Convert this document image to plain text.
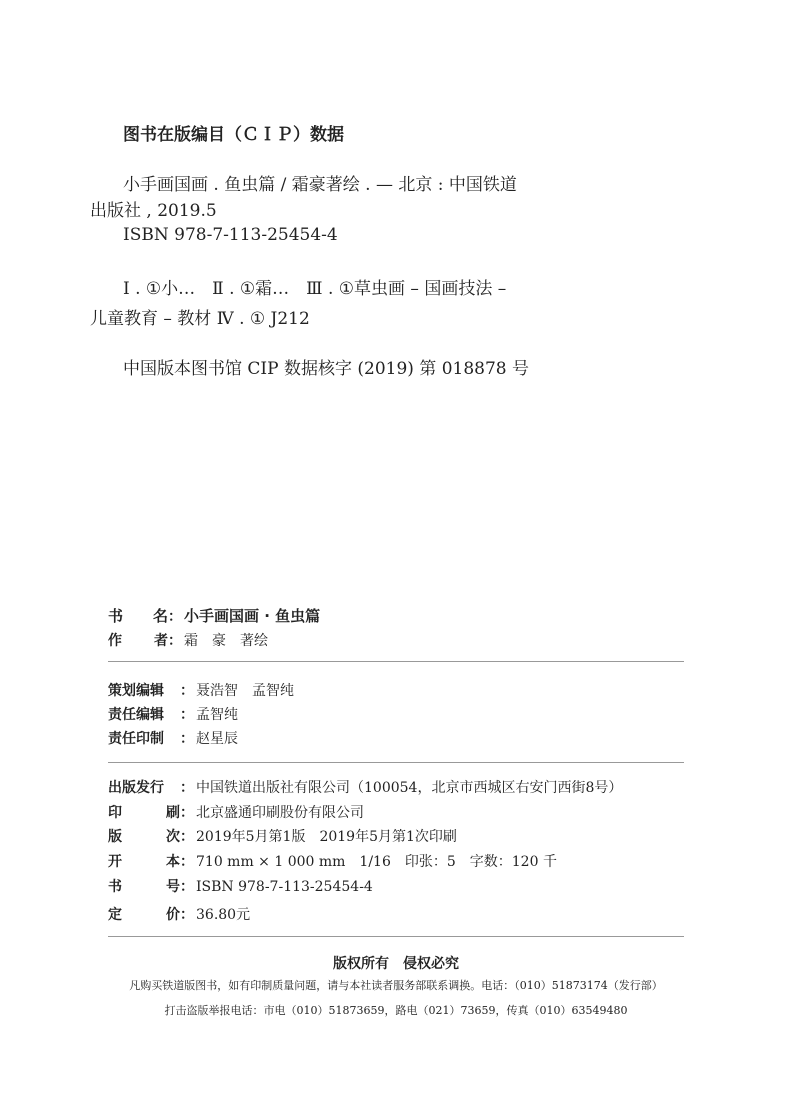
图书在版编目（ＣＩＰ）数据
小手画国画 . 鱼虫篇 / 霜豪著绘 . — 北京 : 中国铁道
出版社 , 2019.5
ISBN 978-7-113-25454-4
Ⅰ . ①小…　Ⅱ . ①霜…　Ⅲ . ①草虫画 – 国画技法 –
儿童教育 – 教材 Ⅳ . ① J212
中国版本图书馆 CIP 数据核字 (2019) 第 018878 号
书 名 ： 小手画国画 · 鱼虫篇
作 者 ： 霜　豪　著绘
策划编辑	： 聂浩智　孟智纯
责任编辑	： 孟智纯
责任印制	： 赵星辰
出版发行	： 中国铁道出版社有限公司（100054，北京市西城区右安门西街8号）
印	刷 ： 北京盛通印刷股份有限公司
版	次 ： 2019年5月第1版　2019年5月第1次印刷
开	本 ： 710 mm × 1 000 mm　1/16　印张：5　字数：120 千
书	号 ： ISBN 978-7-113-25454-4
定	价 ： 36.80元
版权所有　侵权必究
凡购买铁道版图书，如有印制质量问题，请与本社读者服务部联系调换。电话：（010）51873174（发行部）
打击盗版举报电话：市电（010）51873659，路电（021）73659，传真（010）63549480
